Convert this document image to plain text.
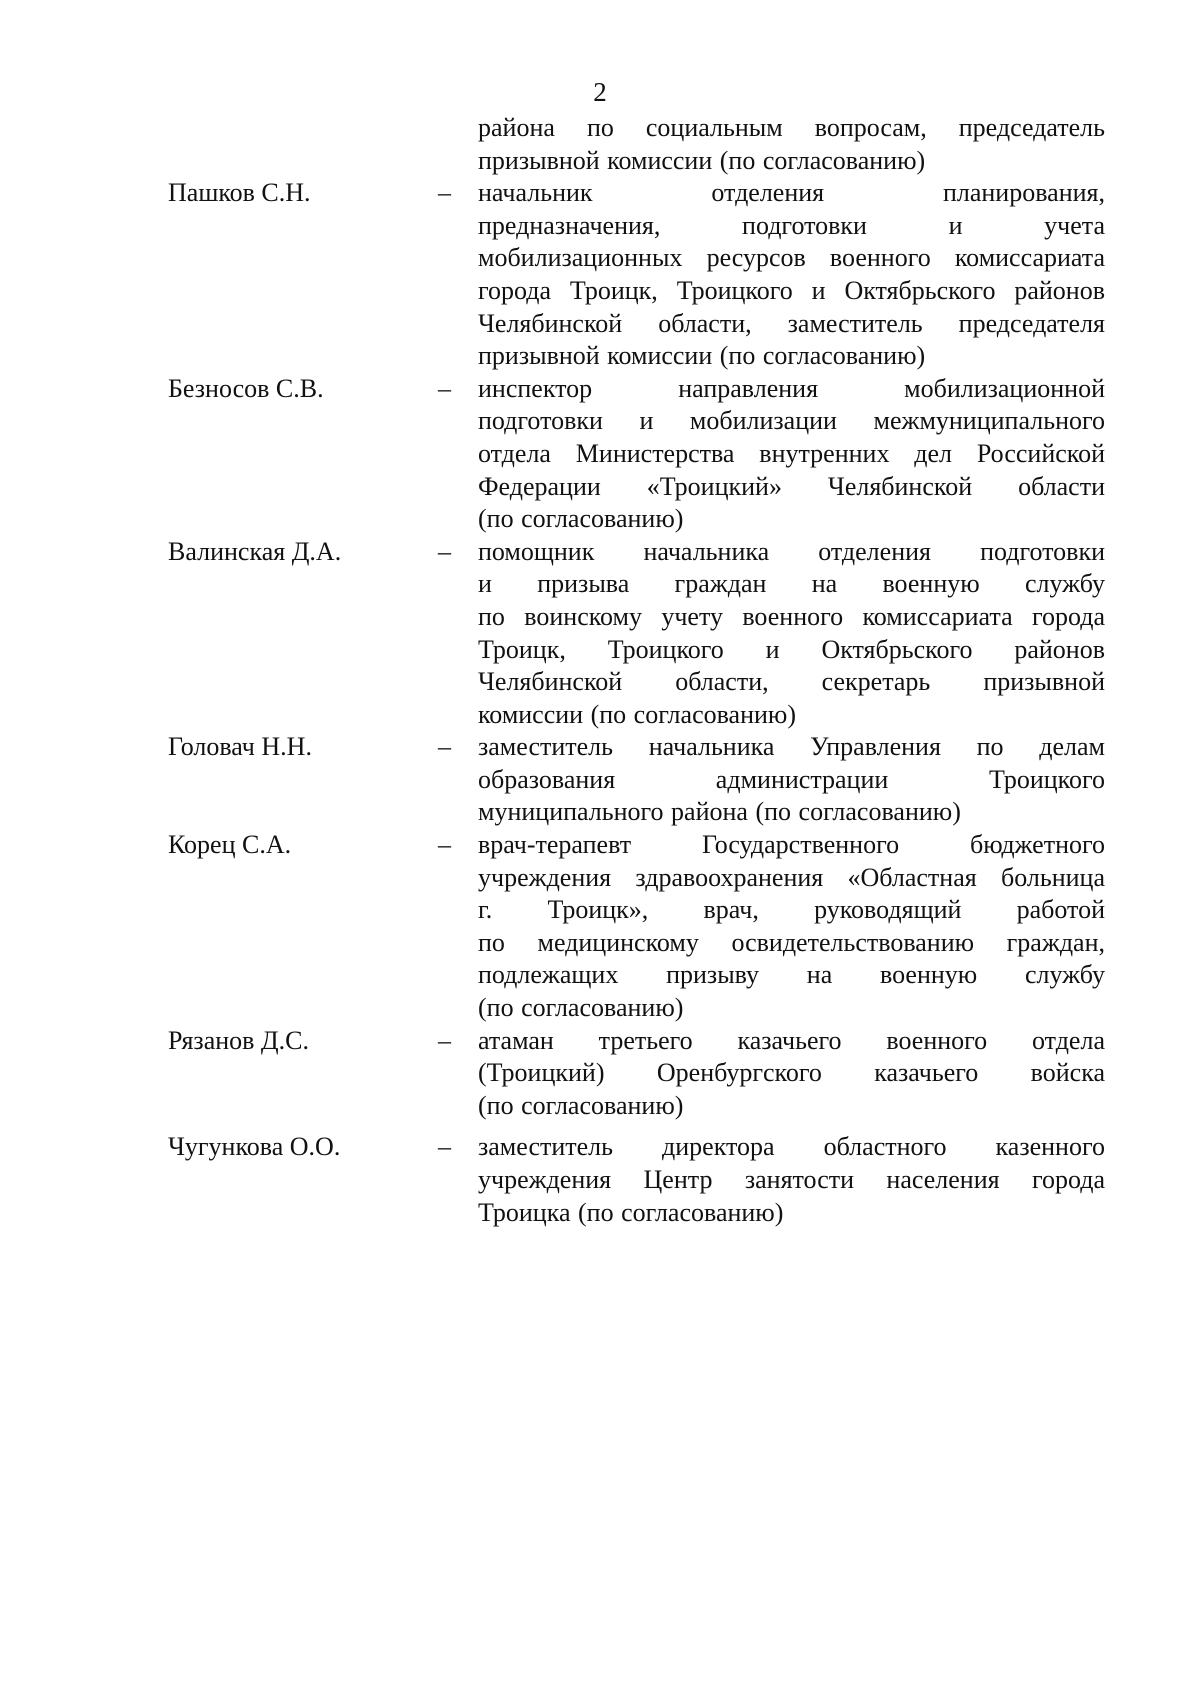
2
района по социальным вопросам, председатель
призывной комиссии (по согласованию)
Пашков С.Н.	–	начальник отделения планирования,
предназначения, подготовки и учета
мобилизационных ресурсов военного комиссариата
города Троицк, Троицкого и Октябрьского районов
Челябинской области, заместитель председателя
призывной комиссии (по согласованию)
Безносов С.В.	–	инспектор направления мобилизационной
подготовки и мобилизации межмуниципального
отдела Министерства внутренних дел Российской
Федерации «Троицкий» Челябинской области
(по согласованию)
Валинская Д.А.	–	помощник начальника отделения подготовки
и призыва граждан на военную службу
по воинскому учету военного комиссариата города
Троицк, Троицкого и Октябрьского районов
Челябинской области, секретарь призывной
комиссии (по согласованию)
Головач Н.Н.	–	заместитель начальника Управления по делам
образования администрации Троицкого
муниципального района (по согласованию)
Корец С.А.	–	врач-терапевт Государственного бюджетного
учреждения здравоохранения «Областная больница
г. Троицк», врач, руководящий работой
по медицинскому освидетельствованию граждан,
подлежащих призыву на военную службу
(по согласованию)
Рязанов Д.С.	–	атаман третьего казачьего военного отдела
(Троицкий) Оренбургского казачьего войска
(по согласованию)
Чугункова О.О.	–	заместитель директора областного казенного
учреждения Центр занятости населения города
Троицка (по согласованию)
